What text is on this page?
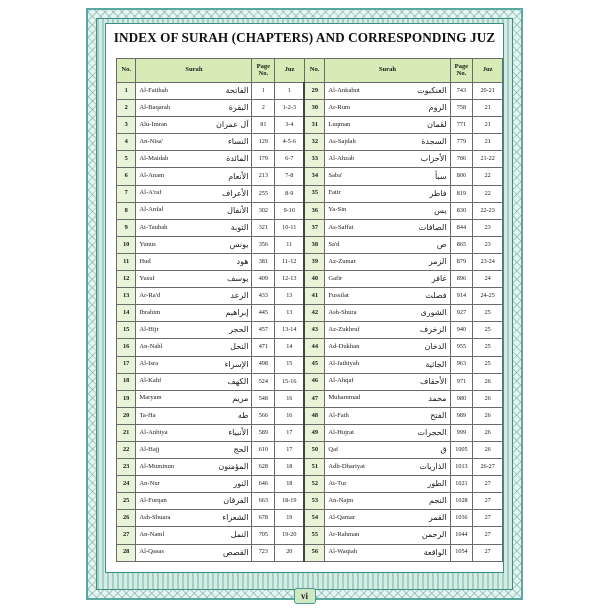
INDEX OF SURAH (CHAPTERS) AND CORRESPONDING JUZ
No.	Surah		Page No.	Juz	No.	Surah		Page No.	Juz
1	Al-Fatihah	الفاتحة	1	1	29	Al-Ankabut	العنكبوت	743	20-21
2	Al-Baqarah	البقرة	2	1-2-3	30	Ar-Rum	الروم	758	21
3	Alu-Imran	آل عمران	81	3-4	31	Luqman	لقمان	771	21
4	An-Nisa'	النساء	129	4-5-6	32	As-Sajdah	السجدة	779	21
5	Al-Maidah	المائدة	179	6-7	33	Al-Ahzab	الأحزاب	786	21-22
6	Al-Anam	الأنعام	213	7-8	34	Saba'	سبأ	806	22
7	Al-A'raf	الأعراف	255	8-9	35	Fatir	فاطر	819	22
8	Al-Anfal	الأنفال	302	9-10	36	Ya-Sin	يس	830	22-23
9	At-Taubah	التوبة	321	10-11	37	As-Saffat	الصافات	844	23
10	Yunus	يونس	356	11	38	Sa'd	ص	865	23
11	Hud	هود	381	11-12	39	Az-Zumar	الزمر	879	23-24
12	Yusuf	يوسف	409	12-13	40	Gafir	غافر	896	24
13	Ar-Ra'd	الرعد	433	13	41	Fussilat	فصلت	914	24-25
14	Ibrahim	إبراهيم	445	13	42	Ash-Shura	الشورى	927	25
15	Al-Hijr	الحجر	457	13-14	43	Az-Zukhruf	الزخرف	940	25
16	An-Nahl	النحل	471	14	44	Ad-Dukhan	الدخان	955	25
17	Al-Isra	الإسراء	498	15	45	Al-Jathiyah	الجاثية	963	25
18	Al-Kahf	الكهف	524	15-16	46	Al-Ahqaf	الأحقاف	971	26
19	Maryam	مريم	548	16	47	Muhammad	محمد	980	26
20	Ta-Ha	طه	566	16	48	Al-Fath	الفتح	989	26
21	Al-Anbiya	الأنبياء	589	17	49	Al-Hujrat	الحجرات	999	26
22	Al-Hajj	الحج	610	17	50	Qaf	ق	1005	26
23	Al-Muminun	المؤمنون	628	18	51	Adh-Dhariyat	الذاريات	1013	26-27
24	An-Nur	النور	646	18	52	At-Tur	الطور	1021	27
25	Al-Furqan	الفرقان	663	18-19	53	An-Najm	النجم	1028	27
26	Ash-Shuara	الشعراء	678	19	54	Al-Qamar	القمر	1036	27
27	An-Naml	النمل	705	19-20	55	Ar-Rahman	الرحمن	1044	27
28	Al-Qasas	القصص	723	20	56	Al-Waqiah	الواقعة	1054	27
vi
